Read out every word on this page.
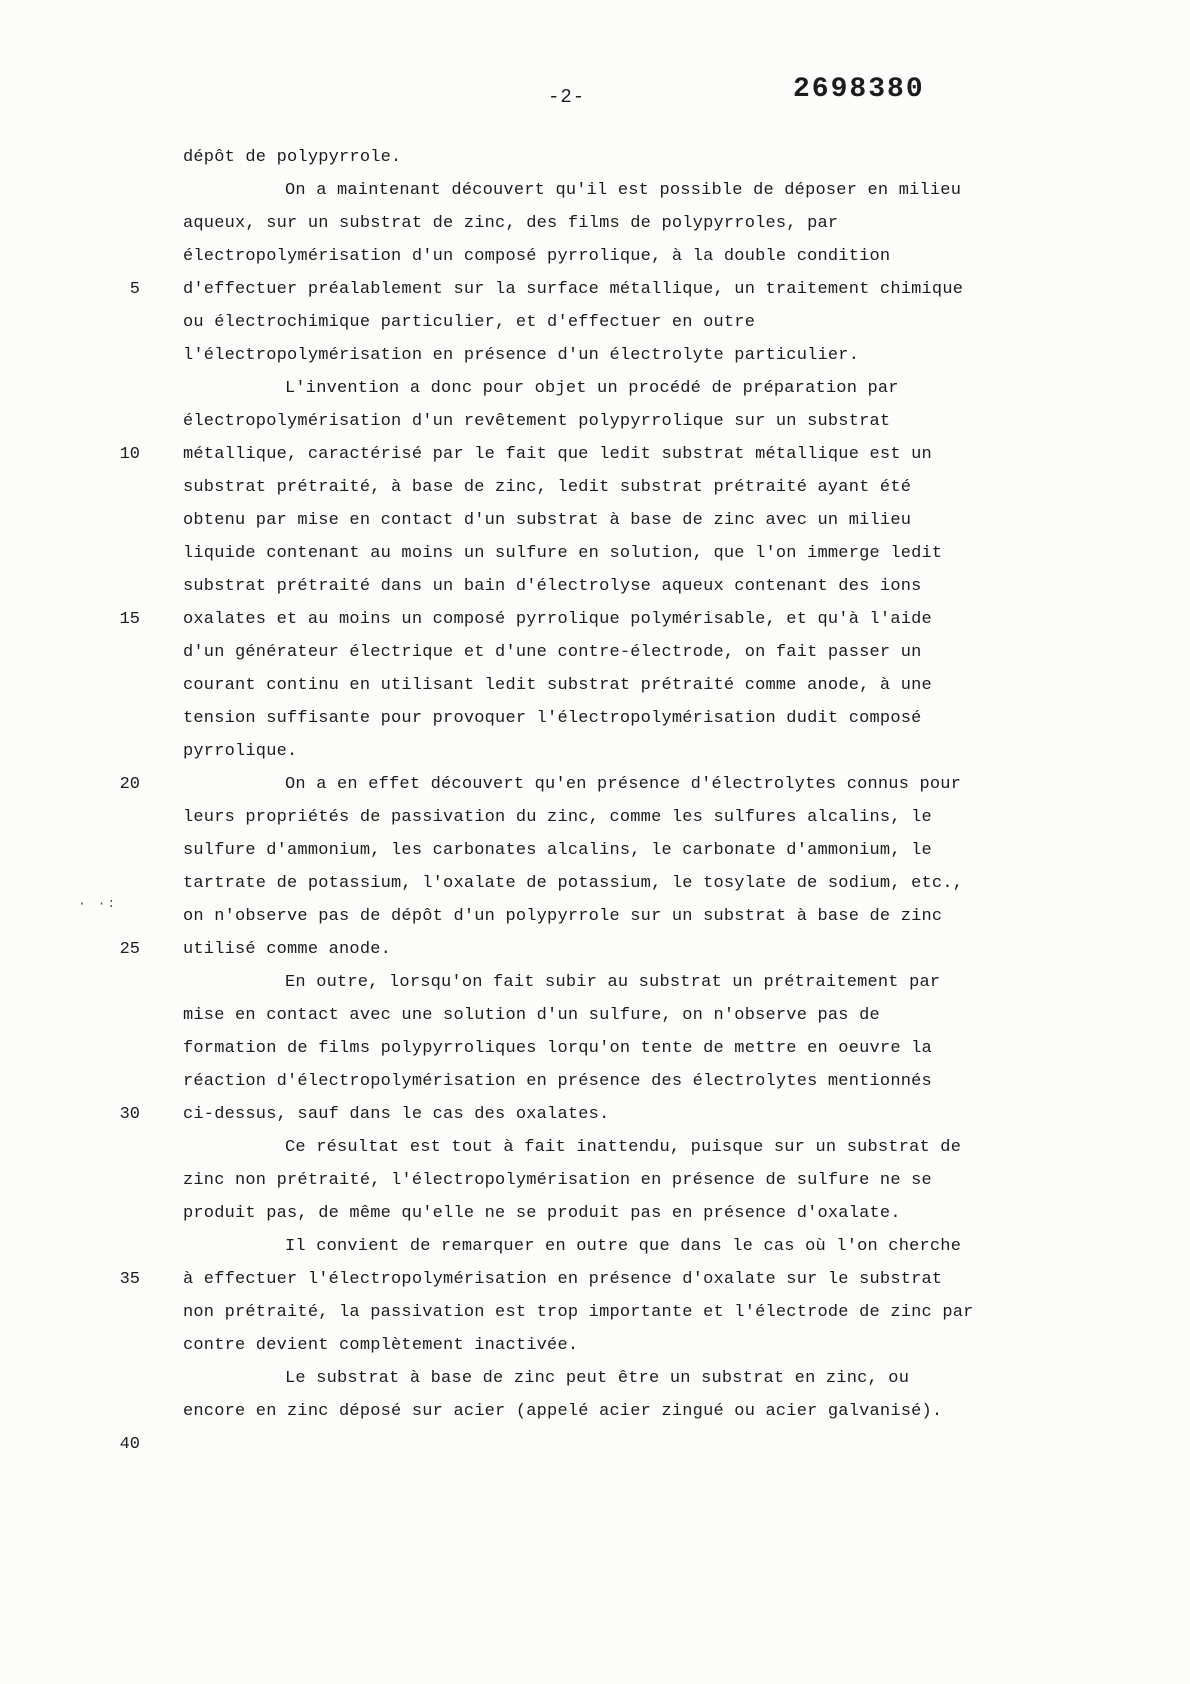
-2-	2698380
· ·:
dépôt de polypyrrole.
On a maintenant découvert qu'il est possible de déposer en milieu
aqueux, sur un substrat de zinc, des films de polypyrroles, par
électropolymérisation d'un composé pyrrolique, à la double condition
5	d'effectuer préalablement sur la surface métallique, un traitement chimique
ou électrochimique particulier, et d'effectuer en outre
l'électropolymérisation en présence d'un électrolyte particulier.
L'invention a donc pour objet un procédé de préparation par
électropolymérisation d'un revêtement polypyrrolique sur un substrat
10	métallique, caractérisé par le fait que ledit substrat métallique est un
substrat prétraité, à base de zinc, ledit substrat prétraité ayant été
obtenu par mise en contact d'un substrat à base de zinc avec un milieu
liquide contenant au moins un sulfure en solution, que l'on immerge ledit
substrat prétraité dans un bain d'électrolyse aqueux contenant des ions
15	oxalates et au moins un composé pyrrolique polymérisable, et qu'à l'aide
d'un générateur électrique et d'une contre-électrode, on fait passer un
courant continu en utilisant ledit substrat prétraité comme anode, à une
tension suffisante pour provoquer l'électropolymérisation dudit composé
pyrrolique.
20	On a en effet découvert qu'en présence d'électrolytes connus pour
leurs propriétés de passivation du zinc, comme les sulfures alcalins, le
sulfure d'ammonium, les carbonates alcalins, le carbonate d'ammonium, le
tartrate de potassium, l'oxalate de potassium, le tosylate de sodium, etc.,
on n'observe pas de dépôt d'un polypyrrole sur un substrat à base de zinc
25	utilisé comme anode.
En outre, lorsqu'on fait subir au substrat un prétraitement par
mise en contact avec une solution d'un sulfure, on n'observe pas de
formation de films polypyrroliques lorqu'on tente de mettre en oeuvre la
réaction d'électropolymérisation en présence des électrolytes mentionnés
30	ci-dessus, sauf dans le cas des oxalates.
Ce résultat est tout à fait inattendu, puisque sur un substrat de
zinc non prétraité, l'électropolymérisation en présence de sulfure ne se
produit pas, de même qu'elle ne se produit pas en présence d'oxalate.
Il convient de remarquer en outre que dans le cas où l'on cherche
35	à effectuer l'électropolymérisation en présence d'oxalate sur le substrat
non prétraité, la passivation est trop importante et l'électrode de zinc par
contre devient complètement inactivée.
Le substrat à base de zinc peut être un substrat en zinc, ou
encore en zinc déposé sur acier (appelé acier zingué ou acier galvanisé).
40
